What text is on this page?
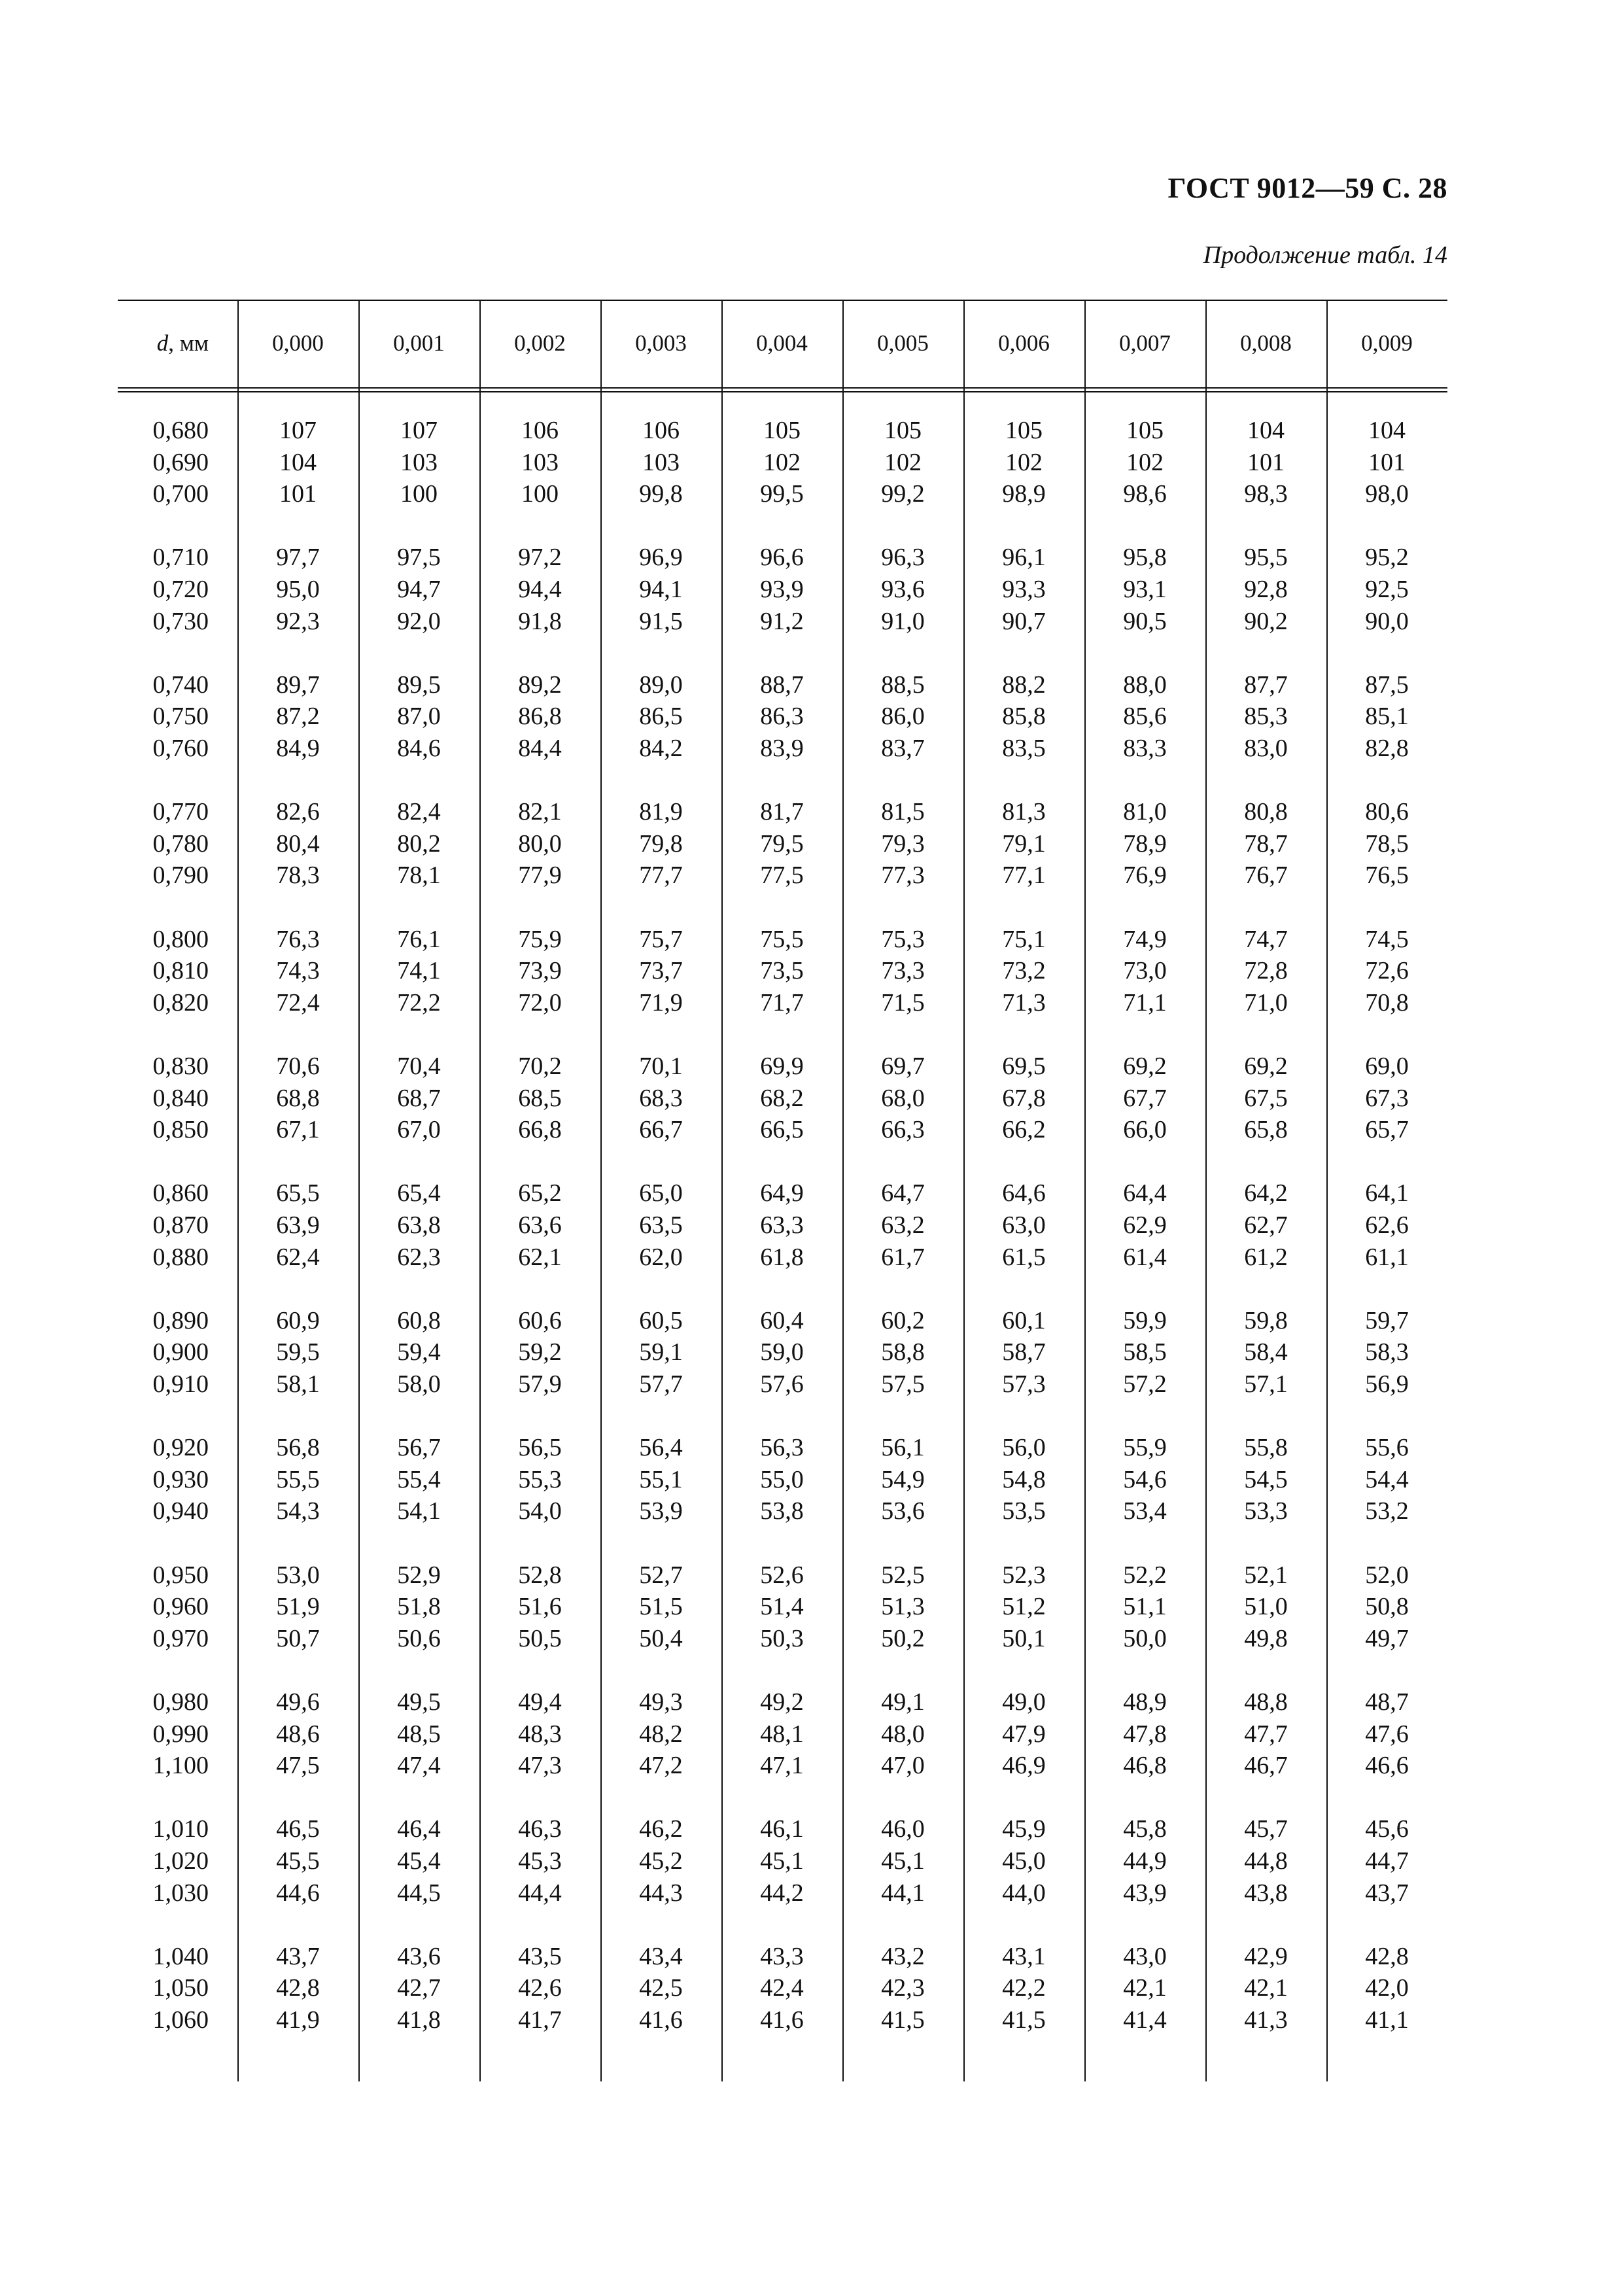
ГОСТ 9012—59 С. 28
Продолжение табл. 14
d , мм	0,000	0,001	0,002	0,003	0,004	0,005	0,006	0,007	0,008	0,009
0,680	107	107	106	106	105	105	105	105	104	104
0,690	104	103	103	103	102	102	102	102	101	101
0,700	101	100	100	99,8	99,5	99,2	98,9	98,6	98,3	98,0
0,710	97,7	97,5	97,2	96,9	96,6	96,3	96,1	95,8	95,5	95,2
0,720	95,0	94,7	94,4	94,1	93,9	93,6	93,3	93,1	92,8	92,5
0,730	92,3	92,0	91,8	91,5	91,2	91,0	90,7	90,5	90,2	90,0
0,740	89,7	89,5	89,2	89,0	88,7	88,5	88,2	88,0	87,7	87,5
0,750	87,2	87,0	86,8	86,5	86,3	86,0	85,8	85,6	85,3	85,1
0,760	84,9	84,6	84,4	84,2	83,9	83,7	83,5	83,3	83,0	82,8
0,770	82,6	82,4	82,1	81,9	81,7	81,5	81,3	81,0	80,8	80,6
0,780	80,4	80,2	80,0	79,8	79,5	79,3	79,1	78,9	78,7	78,5
0,790	78,3	78,1	77,9	77,7	77,5	77,3	77,1	76,9	76,7	76,5
0,800	76,3	76,1	75,9	75,7	75,5	75,3	75,1	74,9	74,7	74,5
0,810	74,3	74,1	73,9	73,7	73,5	73,3	73,2	73,0	72,8	72,6
0,820	72,4	72,2	72,0	71,9	71,7	71,5	71,3	71,1	71,0	70,8
0,830	70,6	70,4	70,2	70,1	69,9	69,7	69,5	69,2	69,2	69,0
0,840	68,8	68,7	68,5	68,3	68,2	68,0	67,8	67,7	67,5	67,3
0,850	67,1	67,0	66,8	66,7	66,5	66,3	66,2	66,0	65,8	65,7
0,860	65,5	65,4	65,2	65,0	64,9	64,7	64,6	64,4	64,2	64,1
0,870	63,9	63,8	63,6	63,5	63,3	63,2	63,0	62,9	62,7	62,6
0,880	62,4	62,3	62,1	62,0	61,8	61,7	61,5	61,4	61,2	61,1
0,890	60,9	60,8	60,6	60,5	60,4	60,2	60,1	59,9	59,8	59,7
0,900	59,5	59,4	59,2	59,1	59,0	58,8	58,7	58,5	58,4	58,3
0,910	58,1	58,0	57,9	57,7	57,6	57,5	57,3	57,2	57,1	56,9
0,920	56,8	56,7	56,5	56,4	56,3	56,1	56,0	55,9	55,8	55,6
0,930	55,5	55,4	55,3	55,1	55,0	54,9	54,8	54,6	54,5	54,4
0,940	54,3	54,1	54,0	53,9	53,8	53,6	53,5	53,4	53,3	53,2
0,950	53,0	52,9	52,8	52,7	52,6	52,5	52,3	52,2	52,1	52,0
0,960	51,9	51,8	51,6	51,5	51,4	51,3	51,2	51,1	51,0	50,8
0,970	50,7	50,6	50,5	50,4	50,3	50,2	50,1	50,0	49,8	49,7
0,980	49,6	49,5	49,4	49,3	49,2	49,1	49,0	48,9	48,8	48,7
0,990	48,6	48,5	48,3	48,2	48,1	48,0	47,9	47,8	47,7	47,6
1,100	47,5	47,4	47,3	47,2	47,1	47,0	46,9	46,8	46,7	46,6
1,010	46,5	46,4	46,3	46,2	46,1	46,0	45,9	45,8	45,7	45,6
1,020	45,5	45,4	45,3	45,2	45,1	45,1	45,0	44,9	44,8	44,7
1,030	44,6	44,5	44,4	44,3	44,2	44,1	44,0	43,9	43,8	43,7
1,040	43,7	43,6	43,5	43,4	43,3	43,2	43,1	43,0	42,9	42,8
1,050	42,8	42,7	42,6	42,5	42,4	42,3	42,2	42,1	42,1	42,0
1,060	41,9	41,8	41,7	41,6	41,6	41,5	41,5	41,4	41,3	41,1
